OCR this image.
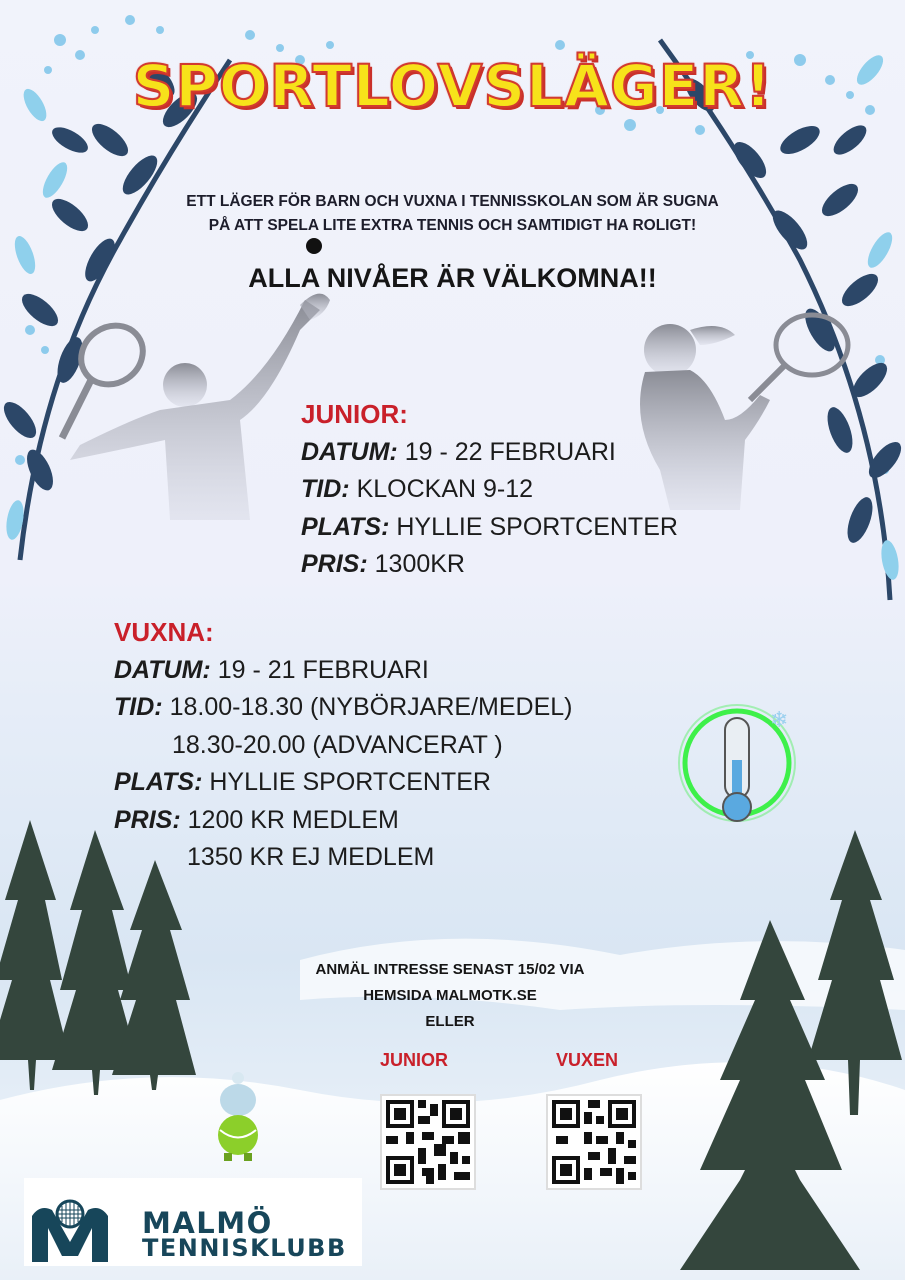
❄
SPORTLOVSLÄGER!
ETT LÄGER FÖR BARN OCH VUXNA I TENNISSKOLAN SOM ÄR SUGNA
PÅ ATT SPELA LITE EXTRA TENNIS OCH SAMTIDIGT HA ROLIGT!
ALLA NIVÅER ÄR VÄLKOMNA!!
JUNIOR:
DATUM: 19 - 22 FEBRUARI
TID: KLOCKAN 9-12
PLATS: HYLLIE SPORTCENTER
PRIS: 1300KR
VUXNA:
DATUM: 19 - 21 FEBRUARI
TID: 18.00-18.30 (NYBÖRJARE/MEDEL)
18.30-20.00 (ADVANCERAT )
PLATS: HYLLIE SPORTCENTER
PRIS: 1200 KR MEDLEM
1350 KR EJ MEDLEM
ANMÄL INTRESSE SENAST 15/02 VIA
HEMSIDA MALMOTK.SE
ELLER
JUNIOR	VUXEN
MALMÖ
TENNISKLUBB
